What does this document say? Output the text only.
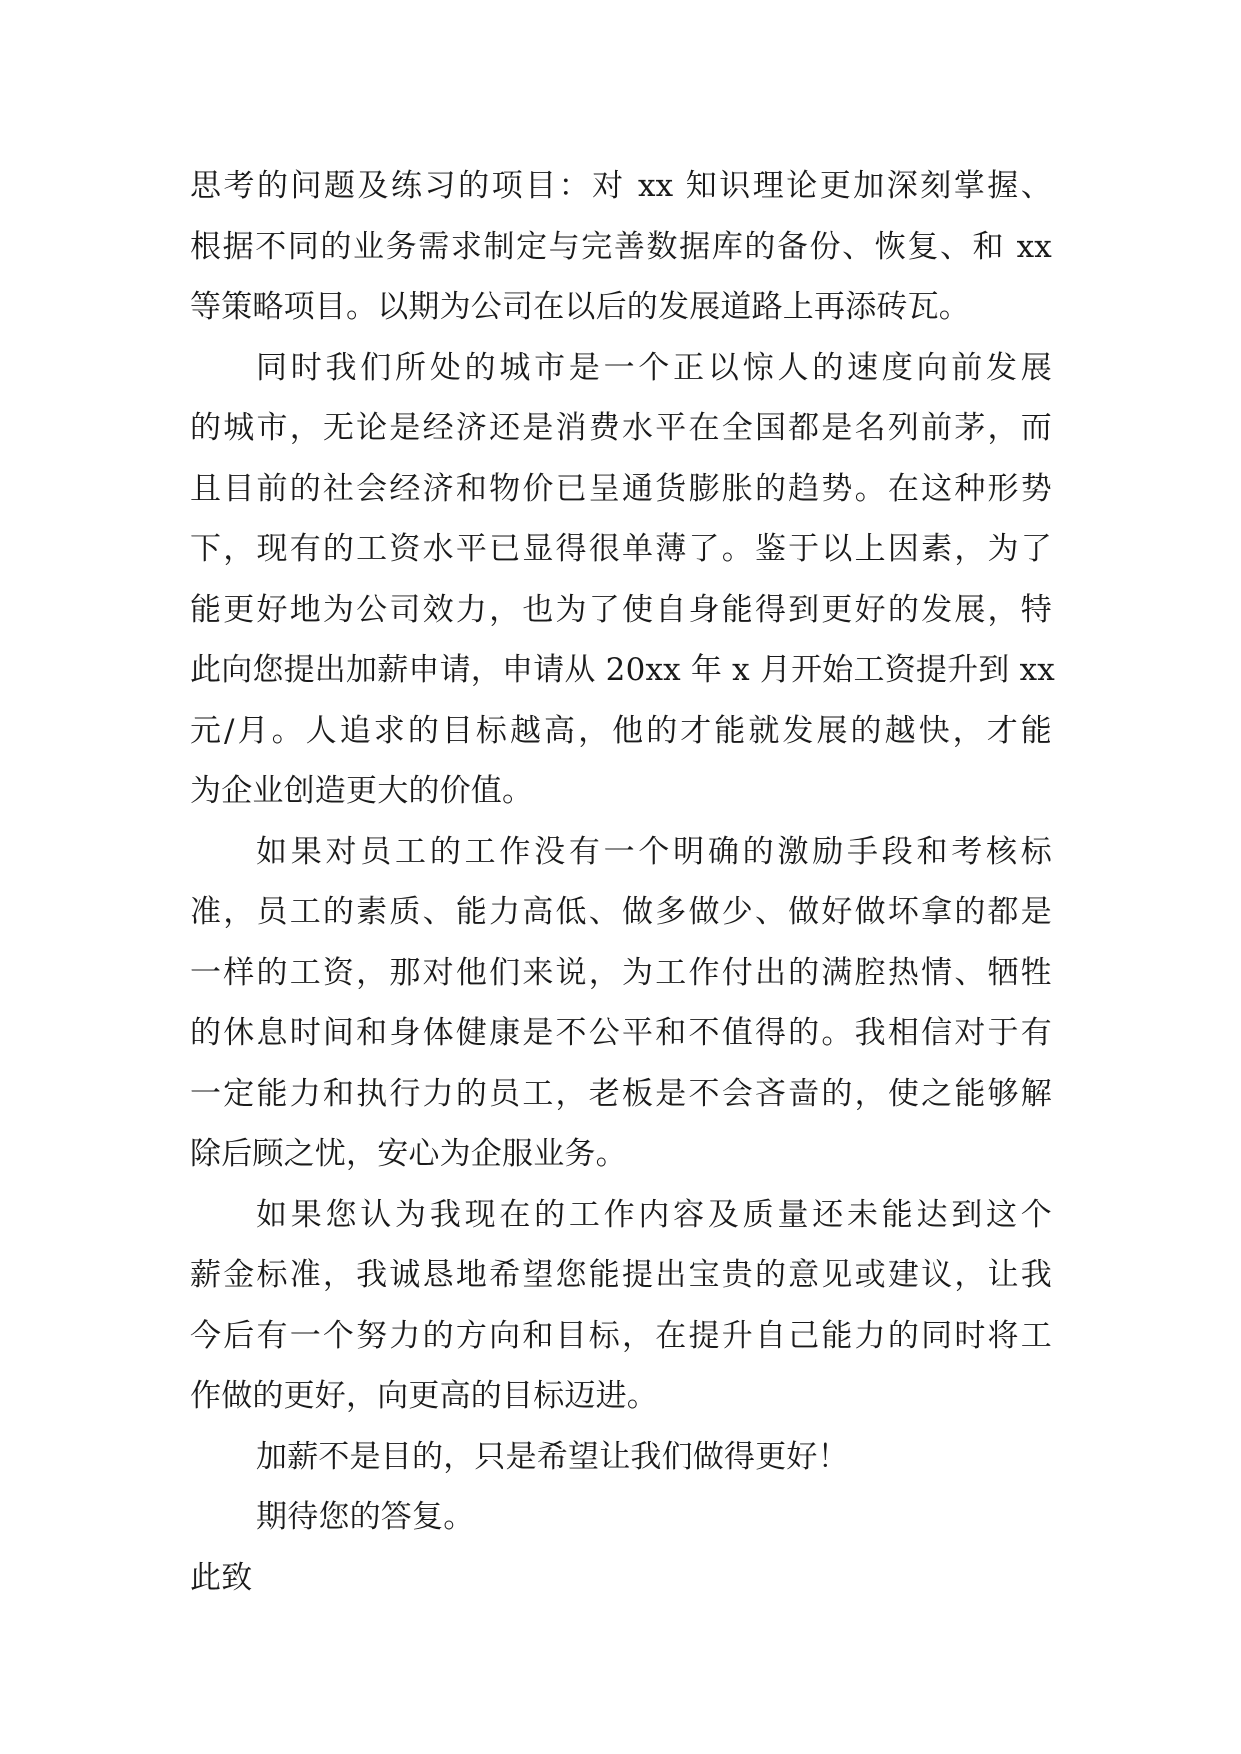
思考的问题及练习的项目：对 xx 知识理论更加深刻掌握、
根据不同的业务需求制定与完善数据库的备份、恢复、和 xx
等策略项目。以期为公司在以后的发展道路上再添砖瓦。
同时我们所处的城市是一个正以惊人的速度向前发展
的城市，无论是经济还是消费水平在全国都是名列前茅，而
且目前的社会经济和物价已呈通货膨胀的趋势。在这种形势
下，现有的工资水平已显得很单薄了。鉴于以上因素，为了
能更好地为公司效力，也为了使自身能得到更好的发展，特
此向您提出加薪申请，申请从 20xx 年 x 月开始工资提升到 xx
元/月。人追求的目标越高，他的才能就发展的越快，才能
为企业创造更大的价值。
如果对员工的工作没有一个明确的激励手段和考核标
准，员工的素质、能力高低、做多做少、做好做坏拿的都是
一样的工资，那对他们来说，为工作付出的满腔热情、牺牲
的休息时间和身体健康是不公平和不值得的。我相信对于有
一定能力和执行力的员工，老板是不会吝啬的，使之能够解
除后顾之忧，安心为企服业务。
如果您认为我现在的工作内容及质量还未能达到这个
薪金标准，我诚恳地希望您能提出宝贵的意见或建议，让我
今后有一个努力的方向和目标，在提升自己能力的同时将工
作做的更好，向更高的目标迈进。
加薪不是目的，只是希望让我们做得更好！
期待您的答复。
此致
